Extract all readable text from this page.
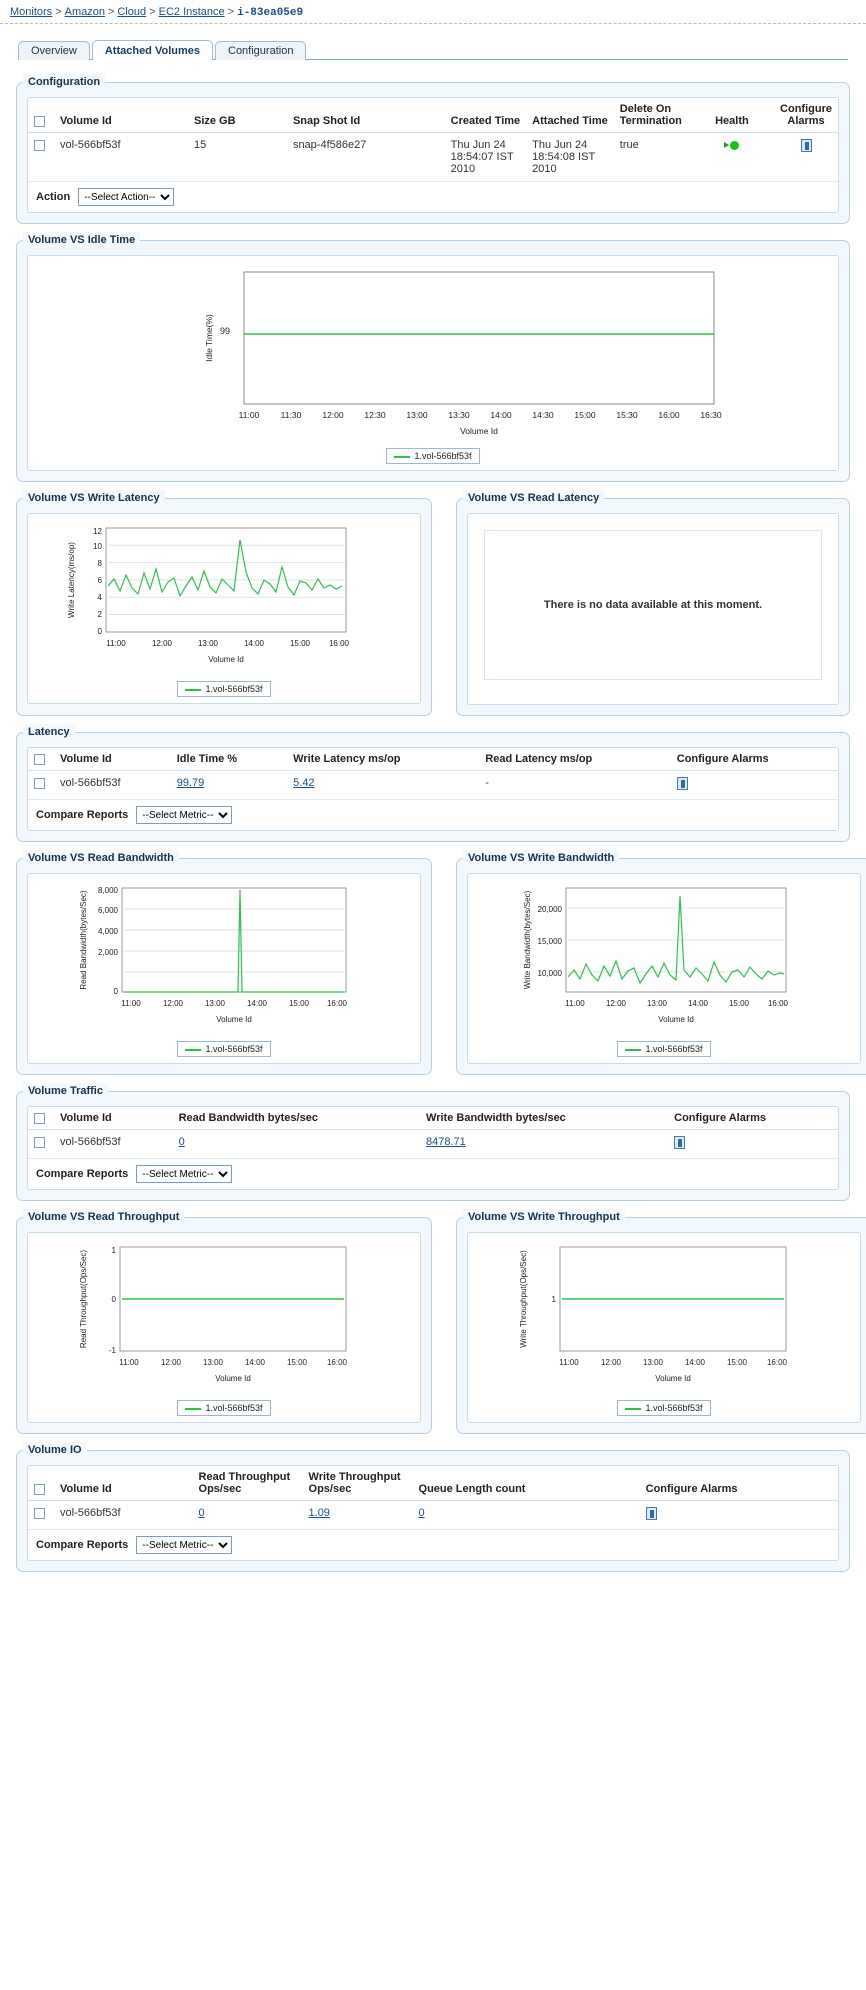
Monitors > Amazon > Cloud > EC2 Instance > i-83ea05e9
Overview	Attached Volumes	Configuration
Configuration
	Volume Id	Size GB	Snap Shot Id	Created Time	Attached Time	Delete On Termination	Health	Configure Alarms
	vol-566bf53f	15	snap-4f586e27	Thu Jun 24 18:54:07 IST 2010	Thu Jun 24 18:54:08 IST 2010	true		
Action
--Select Action--
Volume VS Idle Time
99
Idle Time(%)
11:00	11:30 12:00 12:30 13:00 13:30 14:00 14:30 15:00 15:30 16:00 16:30
Volume Id
1.vol-566bf53f
Volume VS Write Latency
12
10
8
6
4
2
0
Write Latency(ms/op)
11:00	12:00	13:00	14:00	15:00 16:00
Volume Id
1.vol-566bf53f
Volume VS Read Latency
There is no data available at this moment.
Latency
	Volume Id	Idle Time %	Write Latency ms/op	Read Latency ms/op	Configure Alarms
	vol-566bf53f	99.79	5.42	-	
Compare Reports
--Select Metric--
Volume VS Read Bandwidth
8,000
6,000
4,000
2,000
0
Read Bandwidth(bytes/Sec)
11:00	12:00	13:00	14:00	15:00 16:00
Volume Id
1.vol-566bf53f
Volume VS Write Bandwidth
20,000
15,000
10,000
Write Bandwidth(bytes/Sec)
11:00	12:00	13:00	14:00	15:00 16:00
Volume Id
1.vol-566bf53f
Volume Traffic
	Volume Id	Read Bandwidth bytes/sec	Write Bandwidth bytes/sec	Configure Alarms
	vol-566bf53f	0	8478.71	
Compare Reports
--Select Metric--
Volume VS Read Throughput
1
0
-1
Read Throughput(Ops/Sec)
11:00	12:00	13:00	14:00	15:00 16:00
Volume Id
1.vol-566bf53f
Volume VS Write Throughput
1
Write Throughput(Ops/Sec)
11:00	12:00	13:00	14:00	15:00 16:00
Volume Id
1.vol-566bf53f
Volume IO
	Volume Id	Read Throughput Ops/sec	Write Throughput Ops/sec	Queue Length count	Configure Alarms
	vol-566bf53f	0	1.09	0	
Compare Reports
--Select Metric--
